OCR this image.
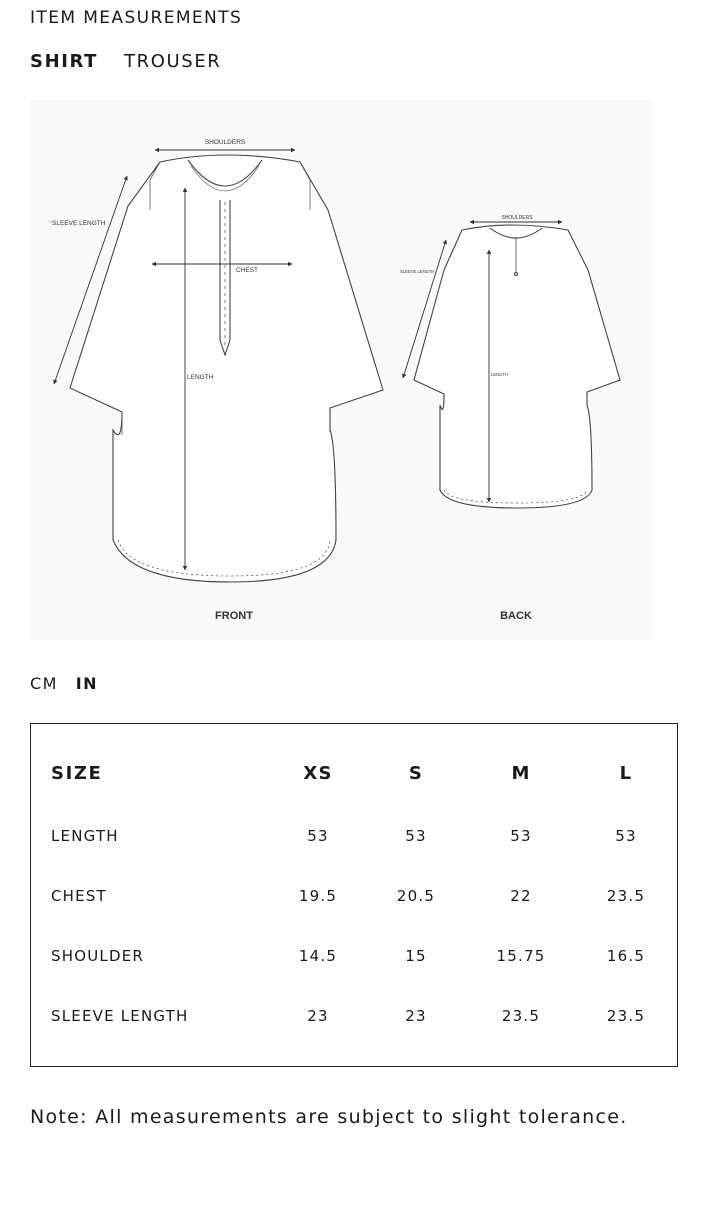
ITEM MEASUREMENTS
SHIRT TROUSER
SHOULDERS
SLEEVE LENGTH
CHEST
LENGTH
SHOULDERS
SLEEVE LENGTH
LENGTH
FRONT	BACK
CM IN
SIZE	XS	S	M	L
LENGTH	53	53	53	53
CHEST	19.5	20.5	22	23.5
SHOULDER	14.5	15	15.75	16.5
SLEEVE LENGTH	23	23	23.5	23.5
Note: All measurements are subject to slight tolerance.
